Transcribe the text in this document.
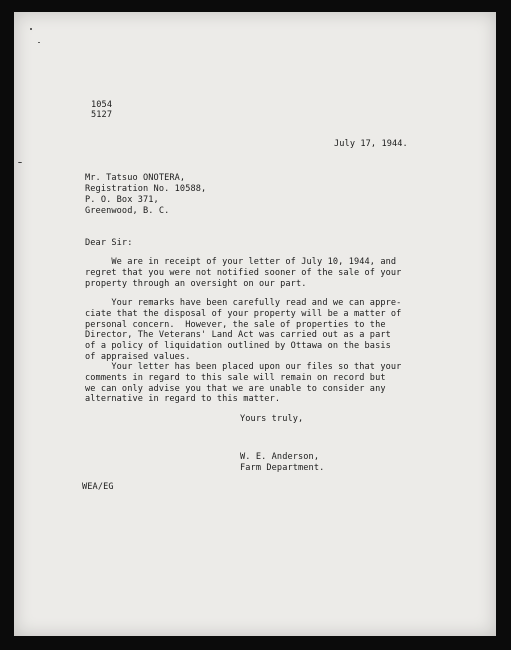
1054
5127
July 17, 1944.
Mr. Tatsuo ONOTERA,
Registration No. 10588,
P. O. Box 371,
Greenwood, B. C.
Dear Sir:
We are in receipt of your letter of July 10, 1944, and
regret that you were not notified sooner of the sale of your
property through an oversight on our part.
Your remarks have been carefully read and we can appre-
ciate that the disposal of your property will be a matter of
personal concern.  However, the sale of properties to the
Director, The Veterans' Land Act was carried out as a part
of a policy of liquidation outlined by Ottawa on the basis
of appraised values.
Your letter has been placed upon our files so that your
comments in regard to this sale will remain on record but
we can only advise you that we are unable to consider any
alternative in regard to this matter.
Yours truly,
W. E. Anderson,
Farm Department.
WEA/EG
